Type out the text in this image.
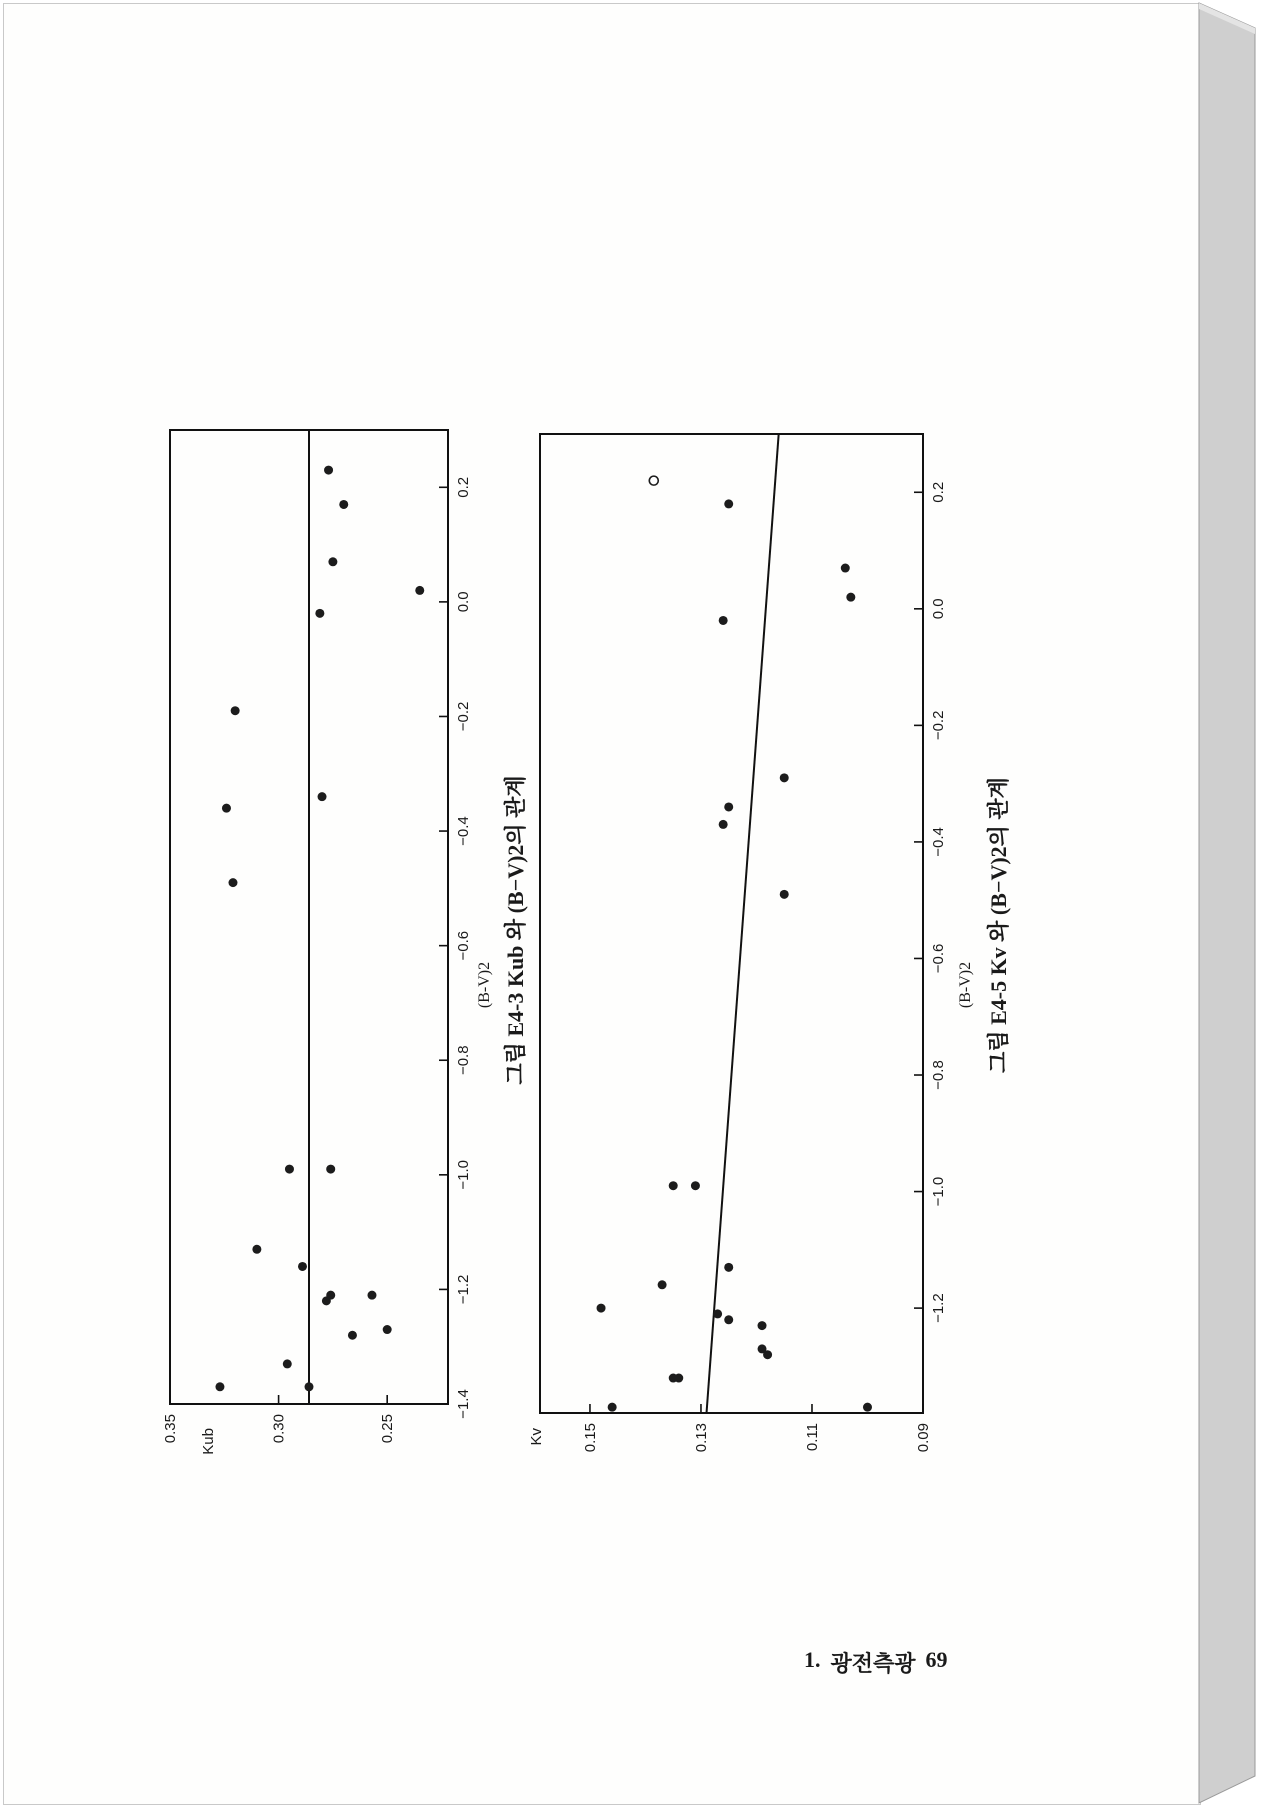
0.2
0.0
−0.2
−0.4
−0.6
−0.8
−1.0
−1.2
−1.4
0.35	0.30	0.25
Kub
(B-V)2 그림 E4-3 Kub 와 (B−V)2의 관계
0.2
0.0
−0.2
−0.4
−0.6
−0.8
−1.0
−1.2
0.15	0.13	0.11	0.09
Kv
(B-V)2 그림 E4-5 Kv 와 (B−V)2의 관계
1. 광전측광 69
